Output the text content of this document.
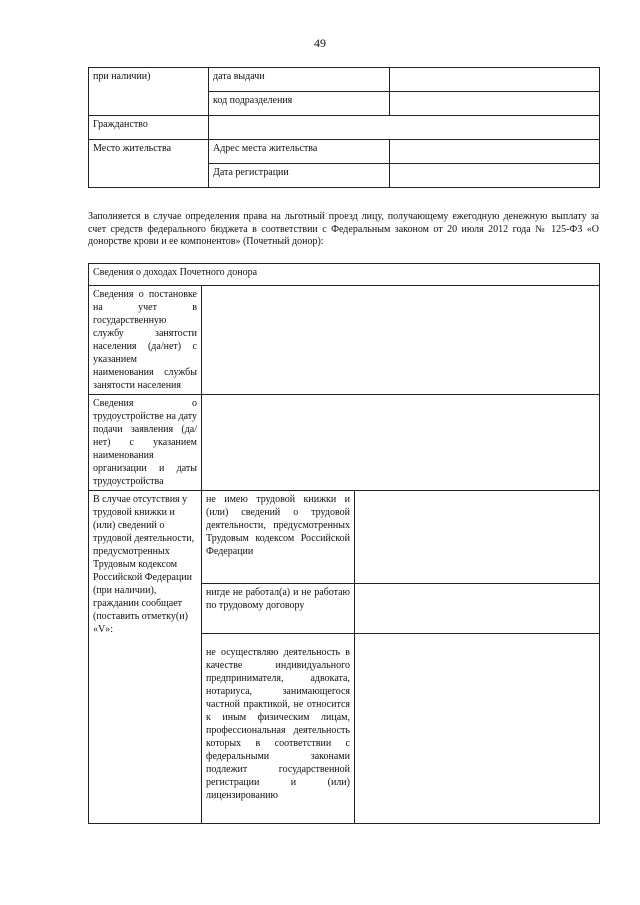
49
при наличии)	дата выдачи	
	код подразделения	
Гражданство		
Место жительства	Адрес места жительства	
	Дата регистрации	
Заполняется в случае определения права на льготный проезд лицу, получающему ежегодную денежную выплату за счет средств федерального бюджета в соответствии с Федеральным законом от 20 июля 2012 года № 125-ФЗ «О донорстве крови и ее компонентов» (Почетный донор):
Сведения о доходах Почетного донора		
Сведения о постановке на учет в государственную службу занятости населения (да/нет) с указанием наименования службы занятости населения		
Сведения о трудоустройстве на дату подачи заявления (да/нет) с указанием наименования организации и даты трудоустройства		
В случае отсутствия у трудовой книжки и (или) сведений о трудовой деятельности, предусмотренных Трудовым кодексом Российской Федерации (при наличии), гражданин сообщает (поставить отметку(и) «V»:	не имею трудовой книжки и (или) сведений о трудовой деятельности, предусмотренных Трудовым кодексом Российской Федерации	
	нигде не работал(а) и не работаю по трудовому договору	
	не осуществляю деятельность в качестве индивидуального предпринимателя, адвоката, нотариуса, занимающегося частной практикой, не относится к иным физическим лицам, профессиональная деятельность которых в соответствии с федеральными законами подлежит государственной регистрации и (или) лицензированию	
